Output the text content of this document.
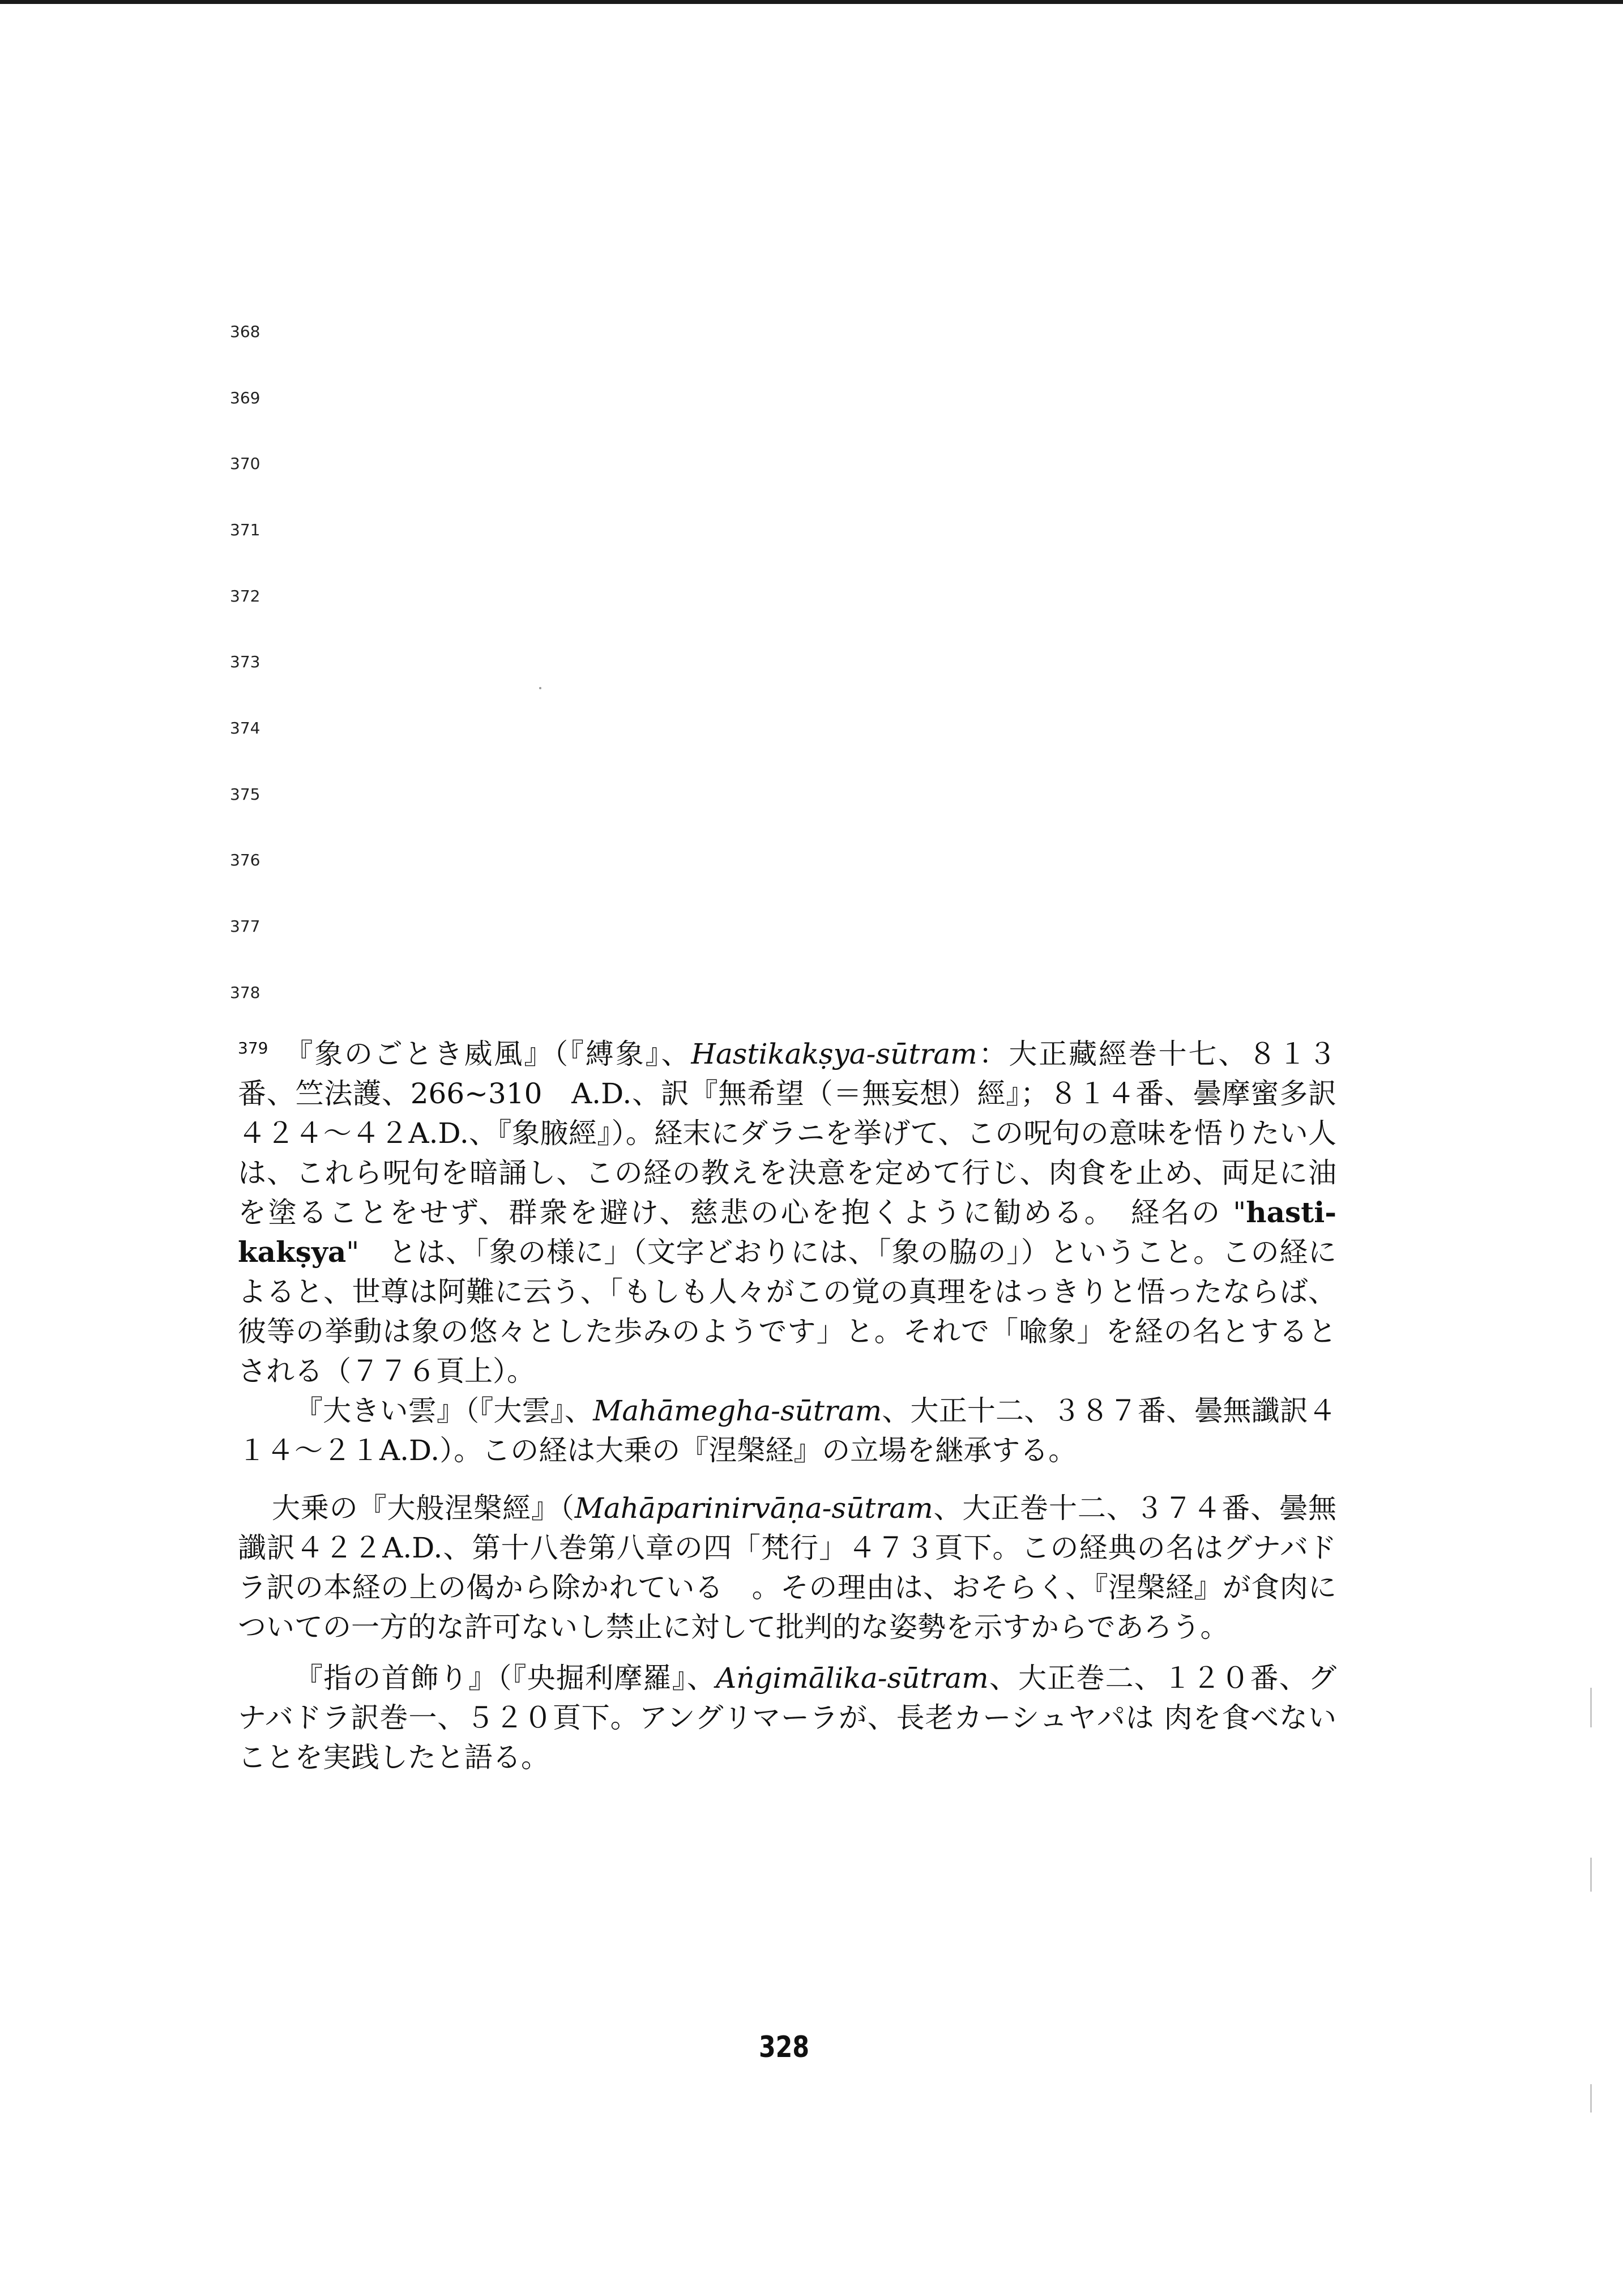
368
369
370
371
372
373
374
375
376
377
378
$^{379}$ 『象のごとき威風』（『縛象』、Hastikakṣya-sūtram：大正藏經巻十七、８１３番、竺法護、266~310　A.D.、訳『無希望（＝無妄想）經』；８１４番、曇摩蜜多訳４２４～４２A.D.、『象腋經』）。経末にダラニを挙げて、この呪句の意味を悟りたい人は、これら呪句を暗誦し、この経の教えを決意を定めて行じ、肉食を止め、両足に油を塗ることをせず、群衆を避け、慈悲の心を抱くように勧める。　経名の "hasti-kakṣya"　とは、「象の様に」（文字どおりには、「象の脇の」）ということ。この経によると、世尊は阿難に云う、「もしも人々がこの覚の真理をはっきりと悟ったならば、彼等の挙動は象の悠々とした歩みのようです」と。それで「喩象」を経の名とするとされる（７７６頁上）。
『大きい雲』（『大雲』、Mahāmegha-sūtram、大正十二、３８７番、曇無讖訳４１４～２１A.D.）。この経は大乗の『涅槃経』の立場を継承する。
大乗の『大般涅槃經』（Mahāparinirvāṇa-sūtram、大正巻十二、３７４番、曇無讖訳４２２A.D.、第十八巻第八章の四「梵行」４７３頁下。この経典の名はグナバドラ訳の本経の上の偈から除かれている　。その理由は、おそらく、『涅槃経』が食肉についての一方的な許可ないし禁止に対して批判的な姿勢を示すからであろう。
『指の首飾り』（『央掘利摩羅』、Aṅgimālika-sūtram、大正巻二、１２０番、グナバドラ訳巻一、５２０頁下。アングリマーラが、長老カーシュヤパは 肉を食べないことを実践したと語る。
328
